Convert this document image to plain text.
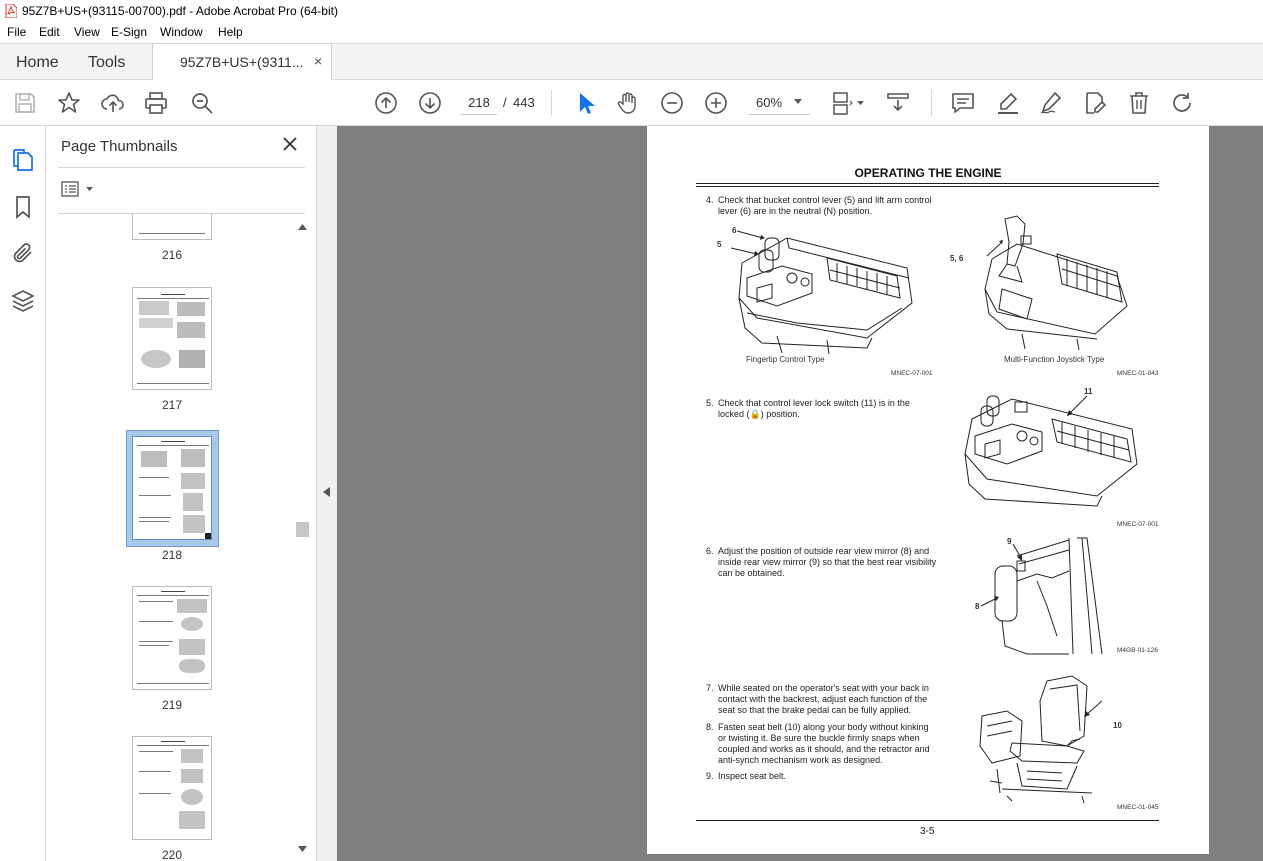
95Z7B+US+(93115-00700).pdf - Adobe Acrobat Pro (64-bit)
File Edit View E-Sign Window Help
Home Tools	95Z7B+US+(9311... ×
218
/ 443	60%
Page Thumbnails
216
217
218
219
220
OPERATING THE ENGINE
4. Check that bucket control lever (5) and lift arm control
lever (6) are in the neutral (N) position.
6
5
Fingertip Control Type
MNEC-07-001
5, 6
Multi-Function Joystick Type
MNEC-01-043
5. Check that control lever lock switch (11) is in the
locked (🔒) position.
11
MNEC-07-001
6. Adjust the position of outside rear view mirror (8) and
inside rear view mirror (9) so that the best rear visibility
can be obtained.
9
8
M4GB-01-126
7. While seated on the operator's seat with your back in
contact with the backrest, adjust each function of the
seat so that the brake pedal can be fully applied.
8. Fasten seat belt (10) along your body without kinking
or twisting it. Be sure the buckle firmly snaps when
coupled and works as it should, and the retractor and
anti-synch mechanism work as designed.
9. Inspect seat belt.
10
MNEC-01-045
3-5
